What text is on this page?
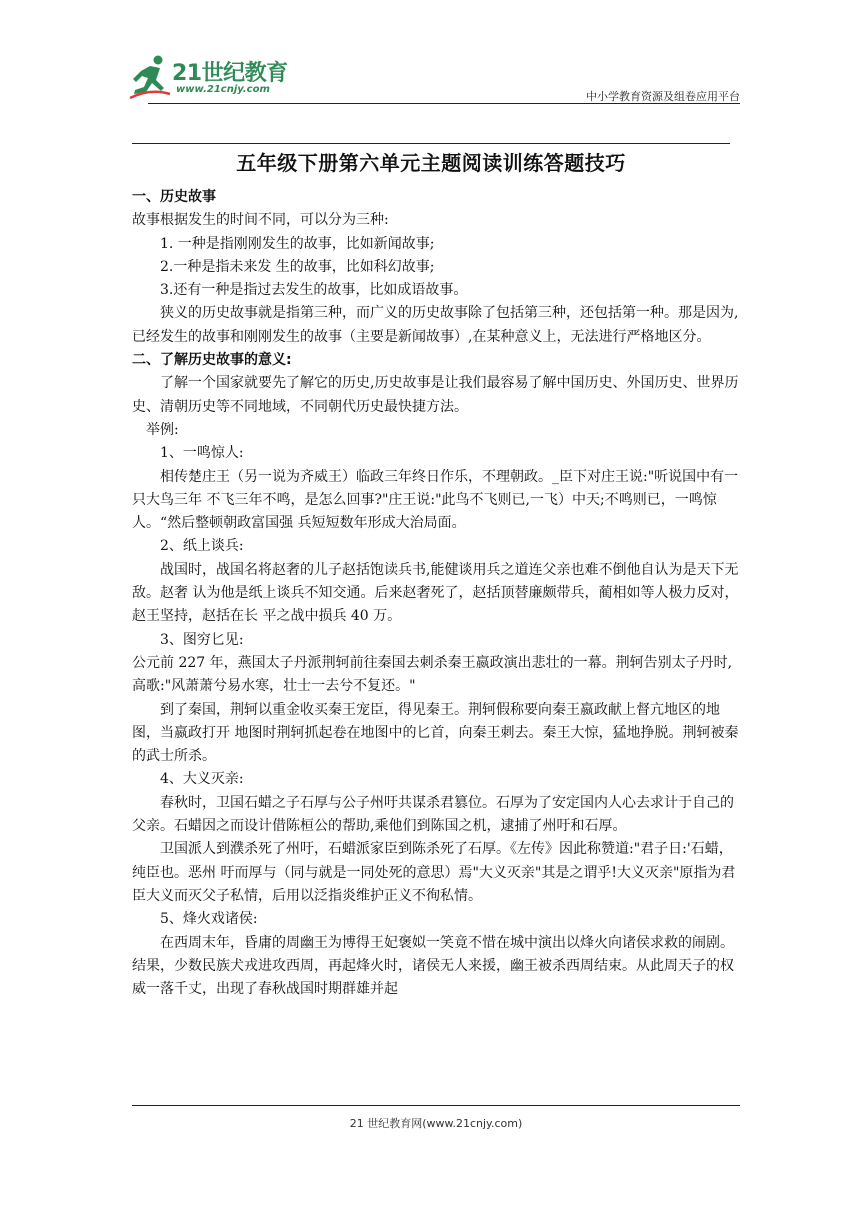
21世纪教育
www.21cnjy.com
中小学教育资源及组卷应用平台
五年级下册第六单元主题阅读训练答题技巧

一、历史故事

故事根据发生的时间不同，可以分为三种:

1. 一种是指刚刚发生的故事，比如新闻故事;

2.一种是指未来发 生的故事，比如科幻故事;

3.还有一种是指过去发生的故事，比如成语故事。

狭义的历史故事就是指第三种，而广义的历史故事除了包括第三种，还包括第一种。那是因为,已经发生的故事和刚刚发生的故事（主要是新闻故事）,在某种意义上，无法进行严格地区分。

二、了解历史故事的意义:

了解一个国家就要先了解它的历史,历史故事是让我们最容易了解中国历史、外国历史、世界历史、清朝历史等不同地域，不同朝代历史最快捷方法。

举例:

1、一鸣惊人:

相传楚庄王（另一说为齐威王）临政三年终日作乐，不理朝政。_臣下对庄王说:"听说国中有一只大鸟三年 不飞三年不鸣，是怎么回事?"庄王说:"此鸟不飞则已,一飞）中天;不鸣则已，一鸣惊人。“然后整顿朝政富国强 兵短短数年形成大治局面。

2、纸上谈兵:

战国时，战国名将赵奢的儿子赵括饱读兵书,能健谈用兵之道连父亲也难不倒他自认为是天下无敌。赵奢 认为他是纸上谈兵不知交通。后来赵奢死了，赵括顶替廉颇带兵，蔺相如等人极力反对，赵王坚持，赵括在长 平之战中损兵 40 万。

3、图穷匕见:

公元前 227 年，燕国太子丹派荆轲前往秦国去刺杀秦王嬴政演出悲壮的一幕。荆轲告别太子丹时,高歌:"风萧萧兮易水寒，壮士一去兮不复还。"

到了秦国，荆轲以重金收买秦王宠臣，得见秦王。荆轲假称要向秦王嬴政献上督亢地区的地图，当嬴政打开 地图时荆轲抓起卷在地图中的匕首，向秦王刺去。秦王大惊，猛地挣脱。荆轲被秦的武士所杀。

4、大义灭亲:

春秋时，卫国石蜡之子石厚与公子州吁共谋杀君篡位。石厚为了安定国内人心去求计于自己的父亲。石蜡因之而设计借陈桓公的帮助,乘他们到陈国之机，逮捕了州吁和石厚。

卫国派人到濮杀死了州吁，石蜡派家臣到陈杀死了石厚。《左传》因此称赞道:"君子日:'石蜡，纯臣也。恶州 吁而厚与（同与就是一同处死的意思）焉"大义灭亲"其是之谓乎!大义灭亲"原指为君臣大义而灭父子私情，后用以泛指炎维护正义不徇私情。

5、烽火戏诸侯:

在西周末年，昏庸的周幽王为博得王妃褒姒一笑竟不惜在城中演出以烽火向诸侯求救的闹剧。结果，少数民族犬戎进攻西周，再起烽火时，诸侯无人来援，幽王被杀西周结束。从此周天子的权威一落千丈，出现了春秋战国时期群雄并起

21 世纪教育网(www.21cnjy.com)
